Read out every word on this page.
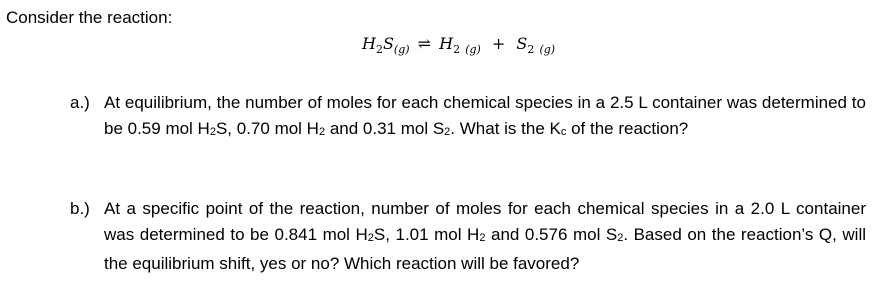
Consider the reaction:
$H_2S_{(g)}$ ⇌ $H_2$ $_{(g)} + S_2$ $_{(g)}$
a.) At equilibrium, the number of moles for each chemical species in a 2.5 L container was determined to be 0.59 mol H2S, 0.70 mol H2 and 0.31 mol S2. What is the Kc of the reaction?
b.) At a specific point of the reaction, number of moles for each chemical species in a 2.0 L container was determined to be 0.841 mol H2S, 1.01 mol H2 and 0.576 mol S2. Based on the reaction’s Q, will the equilibrium shift, yes or no? Which reaction will be favored?
